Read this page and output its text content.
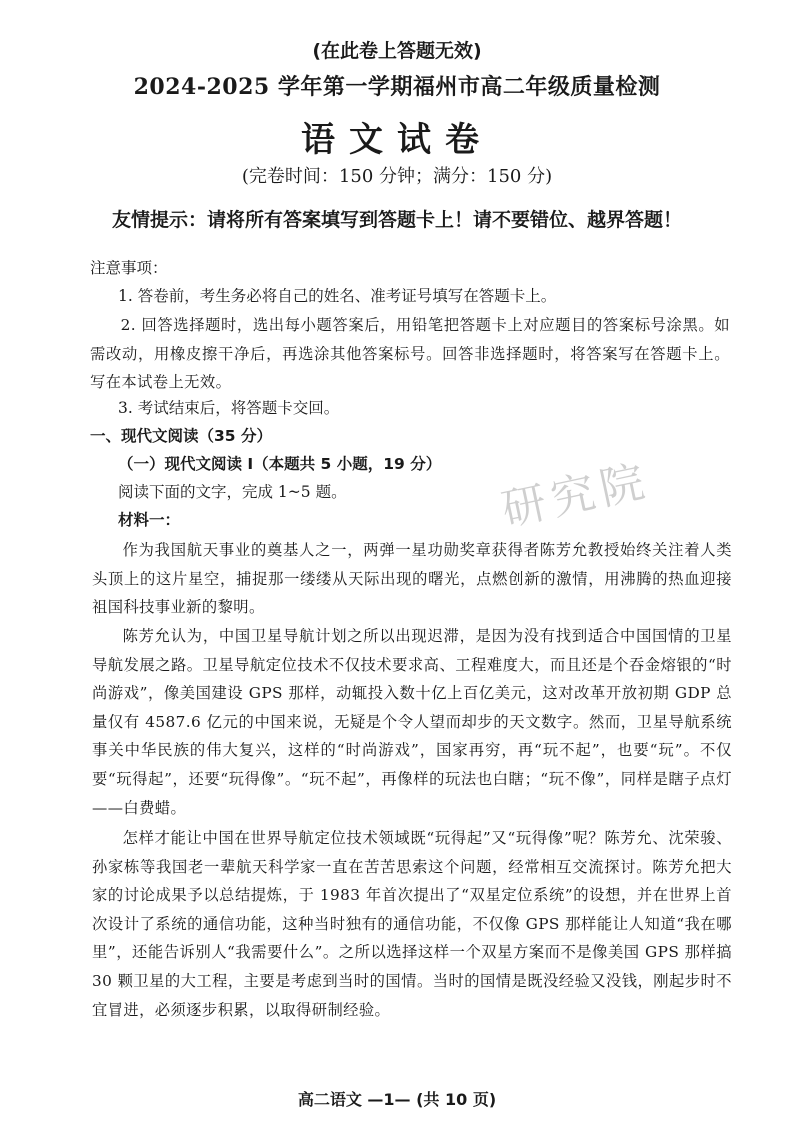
(在此卷上答题无效)
2024-2025 学年第一学期福州市高二年级质量检测
语文试卷
(完卷时间：150 分钟；满分：150 分)
友情提示：请将所有答案填写到答题卡上！请不要错位、越界答题！
注意事项：
1. 答卷前，考生务必将自己的姓名、准考证号填写在答题卡上。
2. 回答选择题时，选出每小题答案后，用铅笔把答题卡上对应题目的答案标号涂黑。如需改动，用橡皮擦干净后，再选涂其他答案标号。回答非选择题时，将答案写在答题卡上。写在本试卷上无效。
3. 考试结束后，将答题卡交回。
一、现代文阅读（35 分）
（一）现代文阅读 I（本题共 5 小题，19 分）
阅读下面的文字，完成 1~5 题。
材料一：
作为我国航天事业的奠基人之一，两弹一星功勋奖章获得者陈芳允教授始终关注着人类头顶上的这片星空，捕捉那一缕缕从天际出现的曙光，点燃创新的激情，用沸腾的热血迎接祖国科技事业新的黎明。
陈芳允认为，中国卫星导航计划之所以出现迟滞，是因为没有找到适合中国国情的卫星导航发展之路。卫星导航定位技术不仅技术要求高、工程难度大，而且还是个吞金熔银的“时尚游戏”，像美国建设 GPS 那样，动辄投入数十亿上百亿美元，这对改革开放初期 GDP 总量仅有 4587.6 亿元的中国来说，无疑是个令人望而却步的天文数字。然而，卫星导航系统事关中华民族的伟大复兴，这样的“时尚游戏”，国家再穷，再“玩不起”，也要“玩”。不仅要“玩得起”，还要“玩得像”。“玩不起”，再像样的玩法也白瞎；“玩不像”，同样是瞎子点灯——白费蜡。
怎样才能让中国在世界导航定位技术领域既“玩得起”又“玩得像”呢？陈芳允、沈荣骏、孙家栋等我国老一辈航天科学家一直在苦苦思索这个问题，经常相互交流探讨。陈芳允把大家的讨论成果予以总结提炼，于 1983 年首次提出了“双星定位系统”的设想，并在世界上首次设计了系统的通信功能，这种当时独有的通信功能，不仅像 GPS 那样能让人知道“我在哪里”，还能告诉别人“我需要什么”。之所以选择这样一个双星方案而不是像美国 GPS 那样搞 30 颗卫星的大工程，主要是考虑到当时的国情。当时的国情是既没经验又没钱，刚起步时不宜冒进，必须逐步积累，以取得研制经验。
研究院
高二语文 —1— (共 10 页)
